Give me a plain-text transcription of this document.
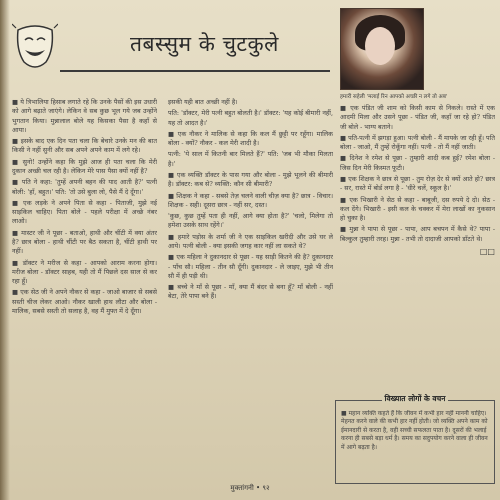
तबस्सुम के चुटकुले
हमारी सहेली 'मलाई रिन आपको अच्छी न लगे तो अब'

■ ये त्रिभालिया हिसाब लगाते रहे कि उनके पैसों की इस उधारी को आगे बढ़ाते जाएंगे। लेकिन वे सब कुछ भूल गये जब उन्होंने भुगतान किया। मुन्नालाल बोले यह किसका पैसा है कहाँ से आया।

■ इसके बाद एक दिन पता चला कि बेचारे उनके मन की बात किसी ने नहीं सुनी और सब अपने अपने काम में लगे रहे।

■ सुनो! उन्होंने कहा कि मुझे आज ही पता चला कि मेरी दुकान अच्छी चल रही है। लेकिन मेरे पास पैसा क्यों नहीं है?

■ पति ने कहा: 'तुम्हें अपनी बहन की याद आती है?' पत्नी बोली: 'हाँ, बहुत।' पति: 'तो उसे बुला लो, पैसे मैं दे दूँगा।'

■ एक लड़के ने अपने पिता से कहा - पिताजी, मुझे नई साइकिल चाहिए। पिता बोले - पहले परीक्षा में अच्छे नंबर लाओ।

■ मास्टर जी ने पूछा - बताओ, हाथी और चींटी में क्या अंतर है? छात्र बोला - हाथी चींटी पर बैठ सकता है, चींटी हाथी पर नहीं।

■ डॉक्टर ने मरीज से कहा - आपको आराम करना होगा। मरीज बोला - डॉक्टर साहब, यही तो मैं पिछले दस साल से कर रहा हूँ।

■ एक सेठ जी ने अपने नौकर से कहा - जाओ बाजार से सबसे सस्ती चीज लेकर आओ। नौकर खाली हाथ लौटा और बोला - मालिक, सबसे सस्ती तो सलाह है, वह मैं मुफ्त में दे दूँगा।

इसकी यही बात अच्छी नहीं है।

पति: 'डॉक्टर, मेरी पत्नी बहुत बोलती है।' डॉक्टर: 'यह कोई बीमारी नहीं, यह तो आदत है।'

■ एक नौकर ने मालिक से कहा कि कल मैं छुट्टी पर रहूँगा। मालिक बोला - क्यों? नौकर - कल मेरी शादी है।

पत्नी: 'ये साल में कितनी बार मिलते हैं?' पति: 'जब भी मौका मिलता है।'

■ एक व्यक्ति डॉक्टर के पास गया और बोला - मुझे भूलने की बीमारी है। डॉक्टर: कब से? व्यक्ति: कौन सी बीमारी?

■ शिक्षक ने कहा - सबसे तेज़ चलने वाली चीज़ क्या है? छात्र - विचार। शिक्षक - सही। दूसरा छात्र - नहीं सर, दस्त।

'कुछ, कुछ तुम्हें पता ही नहीं, आगे क्या होता है?' 'चलो, मिलेगा तो हमेशा उसके साथ रहेंगे।'

■ हमारे पड़ोस के शर्मा जी ने एक साइकिल खरीदी और उसे घर ले आये। पत्नी बोली - क्या इसकी जगह कार नहीं ला सकते थे?

■ एक महिला ने दुकानदार से पूछा - यह साड़ी कितने की है? दुकानदार - पाँच सौ। महिला - तीन सौ दूँगी। दुकानदार - ले जाइए, मुझे भी तीन सौ में ही पड़ी थी।

■ बच्चे ने माँ से पूछा - माँ, क्या मैं बंदर से बना हूँ? माँ बोली - नहीं बेटा, तेरे पापा बने हैं।

■ एक पंडित जी शाम को किसी काम से निकले। रास्ते में एक आदमी मिला और उसने पूछा - पंडित जी, कहाँ जा रहे हो? पंडित जी बोले - भाग्य बताने।

■ पति-पत्नी में झगड़ा हुआ। पत्नी बोली - मैं मायके जा रही हूँ। पति बोला - जाओ, मैं तुम्हें रोकूँगा नहीं। पत्नी - तो मैं नहीं जाती।

■ दिनेश ने रमेश से पूछा - तुम्हारी शादी कब हुई? रमेश बोला - जिस दिन मेरी किस्मत फूटी।

■ एक शिक्षक ने छात्र से पूछा - तुम रोज़ देर से क्यों आते हो? छात्र - सर, रास्ते में बोर्ड लगा है - 'धीरे चलें, स्कूल है।'

■ एक भिखारी ने सेठ से कहा - बाबूजी, दस रुपये दे दो। सेठ - कल देंगे। भिखारी - इसी कल के चक्कर में मेरा लाखों का नुकसान हो चुका है।

■ मुन्ना ने पापा से पूछा - पापा, आप बचपन में कैसे थे? पापा - बिल्कुल तुम्हारी तरह। मुन्ना - तभी तो दादाजी आपको डाँटते थे।

□□

विख्यात लोगों के वचन
■ महान व्यक्ति कहते हैं कि जीवन में कभी हार नहीं माननी चाहिए। मेहनत करने वाले की कभी हार नहीं होती। जो व्यक्ति अपने काम को ईमानदारी से करता है, वही सच्ची सफलता पाता है। दूसरों की भलाई करना ही सबसे बड़ा धर्म है। समय का सदुपयोग करने वाला ही जीवन में आगे बढ़ता है।
मुक्तांगनी • ९२
